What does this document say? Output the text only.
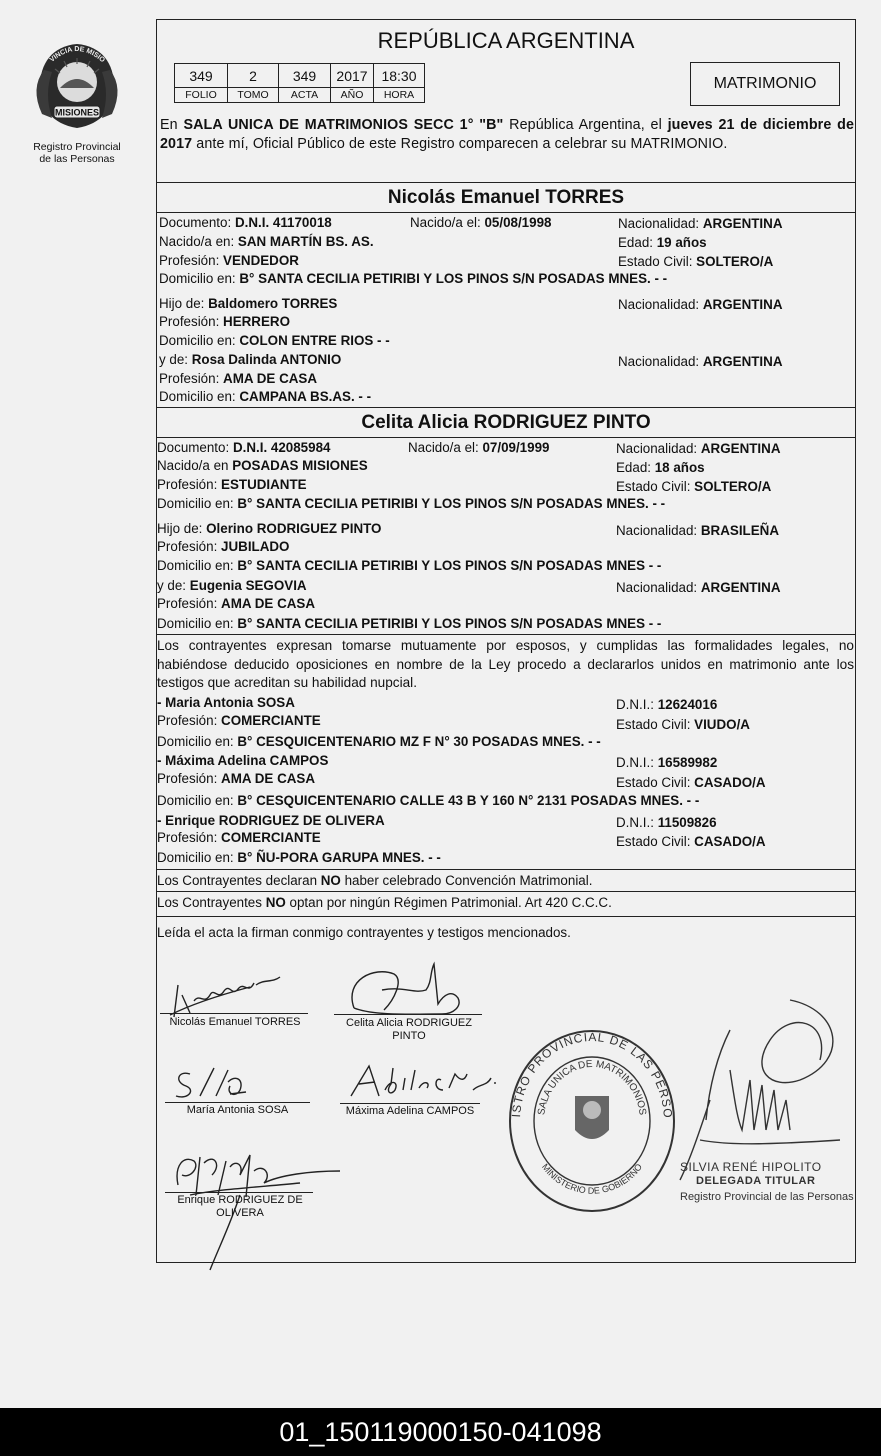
MISIONES
PROVINCIA DE MISIONES
Registro Provincial
de las Personas
REPÚBLICA ARGENTINA
349	2	349	2017	18:30
FOLIO	TOMO	ACTA	AÑO	HORA
MATRIMONIO
En SALA UNICA DE MATRIMONIOS SECC 1° "B" República Argentina, el jueves 21 de diciembre de 2017 ante mí, Oficial Público de este Registro comparecen a celebrar su MATRIMONIO.
Nicolás Emanuel TORRES
Documento: D.N.I. 41170018	Nacido/a el: 05/08/1998	Nacionalidad: ARGENTINA
Nacido/a en: SAN MARTÍN BS. AS.	Edad: 19 años
Profesión: VENDEDOR	Estado Civil: SOLTERO/A
Domicilio en: B° SANTA CECILIA PETIRIBI Y LOS PINOS S/N POSADAS MNES. - -
Hijo de: Baldomero TORRES	Nacionalidad: ARGENTINA
Profesión: HERRERO
Domicilio en: COLON ENTRE RIOS - -
y de: Rosa Dalinda ANTONIO	Nacionalidad: ARGENTINA
Profesión: AMA DE CASA
Domicilio en: CAMPANA BS.AS. - -
Celita Alicia RODRIGUEZ PINTO
Documento: D.N.I. 42085984	Nacido/a el: 07/09/1999	Nacionalidad: ARGENTINA
Nacido/a en POSADAS MISIONES	Edad: 18 años
Profesión: ESTUDIANTE	Estado Civil: SOLTERO/A
Domicilio en: B° SANTA CECILIA PETIRIBI Y LOS PINOS S/N POSADAS MNES. - -
Hijo de: Olerino RODRIGUEZ PINTO	Nacionalidad: BRASILEÑA
Profesión: JUBILADO
Domicilio en: B° SANTA CECILIA PETIRIBI Y LOS PINOS S/N POSADAS MNES - -
y de: Eugenia SEGOVIA	Nacionalidad: ARGENTINA
Profesión: AMA DE CASA
Domicilio en: B° SANTA CECILIA PETIRIBI Y LOS PINOS S/N POSADAS MNES - -
Los contrayentes expresan tomarse mutuamente por esposos, y cumplidas las formalidades legales, no habiéndose deducido oposiciones en nombre de la Ley procedo a declararlos unidos en matrimonio ante los testigos que acreditan su habilidad nupcial.
- Maria Antonia SOSA	D.N.I.: 12624016
Profesión: COMERCIANTE	Estado Civil: VIUDO/A
Domicilio en: B° CESQUICENTENARIO MZ F N° 30 POSADAS MNES. - -
- Máxima Adelina CAMPOS	D.N.I.: 16589982
Profesión: AMA DE CASA	Estado Civil: CASADO/A
Domicilio en: B° CESQUICENTENARIO CALLE 43 B Y 160 N° 2131 POSADAS MNES. - -
- Enrique RODRIGUEZ DE OLIVERA	D.N.I.: 11509826
Profesión: COMERCIANTE	Estado Civil: CASADO/A
Domicilio en: B° ÑU-PORA GARUPA MNES. - -
Los Contrayentes declaran NO haber celebrado Convención Matrimonial.
Los Contrayentes NO optan por ningún Régimen Patrimonial. Art 420 C.C.C.
Leída el acta la firman conmigo contrayentes y testigos mencionados.
Nicolás Emanuel TORRES	Celita Alicia RODRIGUEZ
PINTO
María Antonia SOSA	Máxima Adelina CAMPOS
Enrique RODRIGUEZ DE
OLIVERA
REGISTRO PROVINCIAL DE LAS PERSONAS
SALA UNICA DE MATRIMONIOS
MINISTERIO DE GOBIERNO	SILVIA RENÉ HIPOLITO
DELEGADA TITULAR
Registro Provincial de las Personas
01_150119000150-041098
